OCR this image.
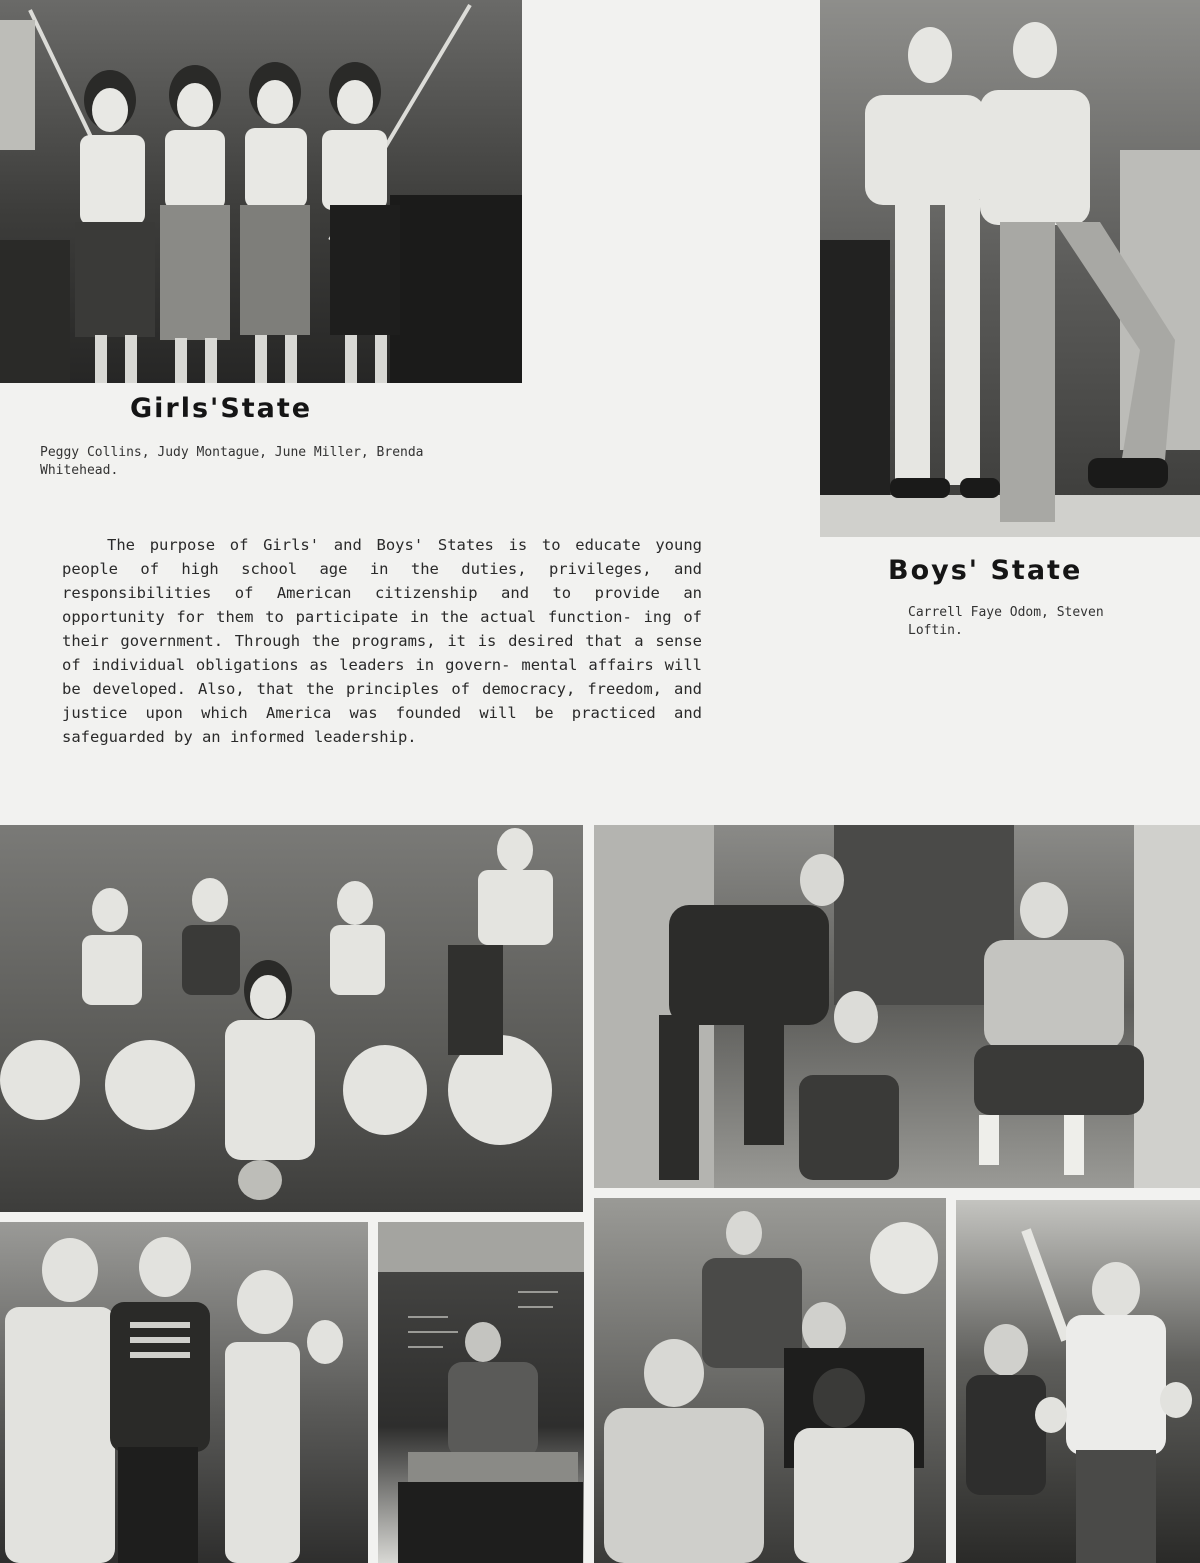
Girls'State

Peggy Collins, Judy Montague, June Miller, Brenda Whitehead.

Boys' State

Carrell Faye Odom, Steven Loftin.

The purpose of Girls' and Boys' States is to educate young people of high school age in the duties, privileges, and responsibilities of American citizenship and to provide an opportunity for them to participate in the actual function- ing of their government. Through the programs, it is desired that a sense of individual obligations as leaders in govern- mental affairs will be developed. Also, that the principles of democracy, freedom, and justice upon which America was founded will be practiced and safeguarded by an informed leadership.
